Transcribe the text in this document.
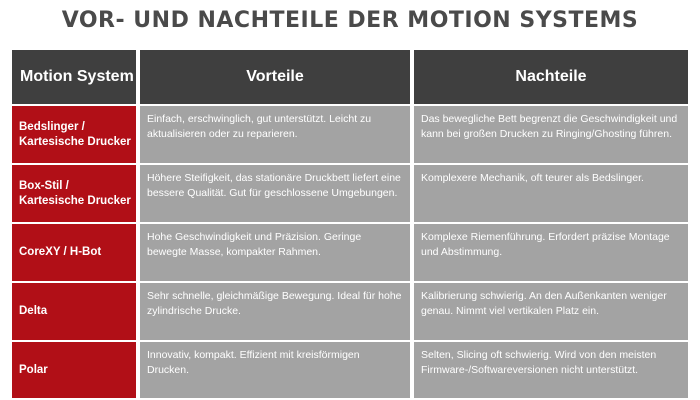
VOR- UND NACHTEILE DER MOTION SYSTEMS
Motion System	Vorteile	Nachteile
Bedslinger / Kartesische Drucker
Einfach, erschwinglich, gut unterstützt. Leicht zu aktualisieren oder zu reparieren.
Das bewegliche Bett begrenzt die Geschwindigkeit und kann bei großen Drucken zu Ringing/Ghosting führen.
Box-Stil / Kartesische Drucker
Höhere Steifigkeit, das stationäre Druckbett liefert eine bessere Qualität. Gut für geschlossene Umgebungen.
Komplexere Mechanik, oft teurer als Bedslinger.
CoreXY / H-Bot
Hohe Geschwindigkeit und Präzision. Geringe bewegte Masse, kompakter Rahmen.
Komplexe Riemenführung. Erfordert präzise Montage und Abstimmung.
Delta
Sehr schnelle, gleichmäßige Bewegung. Ideal für hohe zylindrische Drucke.
Kalibrierung schwierig. An den Außenkanten weniger genau. Nimmt viel vertikalen Platz ein.
Polar
Innovativ, kompakt. Effizient mit kreisförmigen Drucken.
Selten, Slicing oft schwierig. Wird von den meisten Firmware-/Softwareversionen nicht unterstützt.
